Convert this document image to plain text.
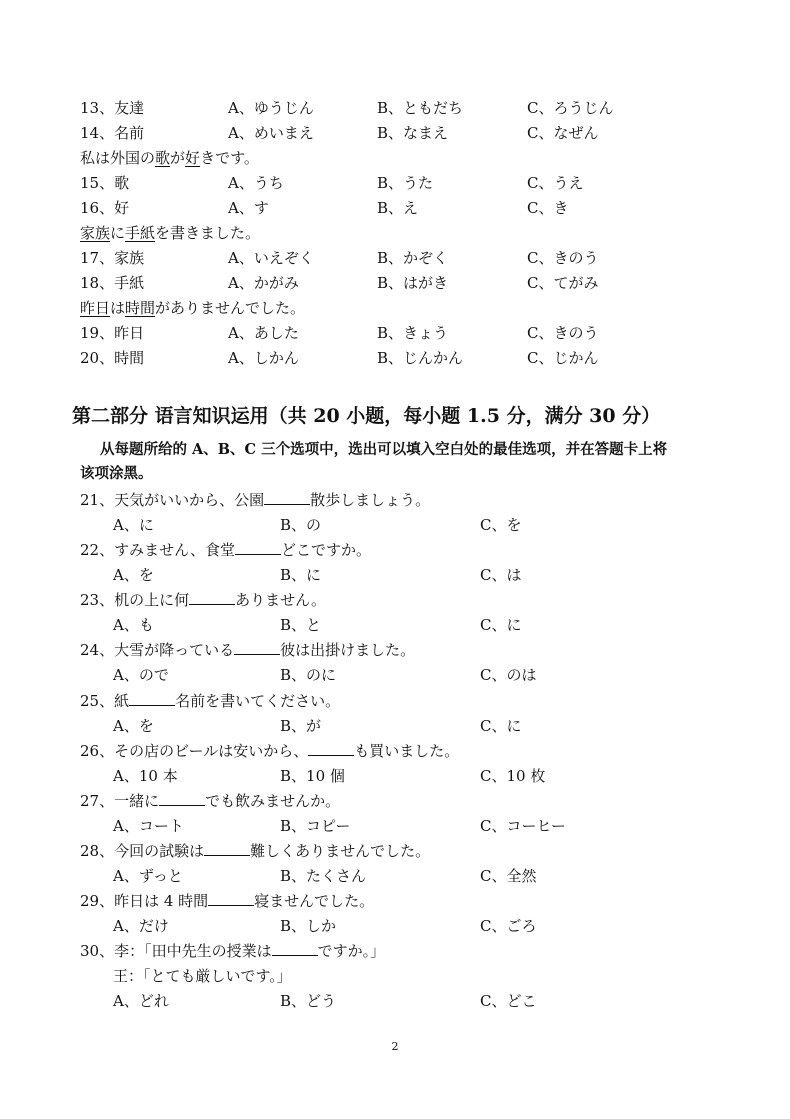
13、友達	A、ゆうじん	B、ともだち	C、ろうじん
14、名前	A、めいまえ	B、なまえ	C、なぜん
私は外国の歌が好きです。
15、歌	A、うち	B、うた	C、うえ
16、好	A、す	B、え	C、き
家族に手紙を書きました。
17、家族	A、いえぞく	B、かぞく	C、きのう
18、手紙	A、かがみ	B、はがき	C、てがみ
昨日は時間がありませんでした。
19、昨日	A、あした	B、きょう	C、きのう
20、時間	A、しかん	B、じんかん	C、じかん
第二部分 语言知识运用（共 20 小题，每小题 1.5 分，满分 30 分）
从每题所给的 A、B、C 三个选项中，选出可以填入空白处的最佳选项，并在答题卡上将
该项涂黑。
21、天気がいいから、公園	散歩しましょう。
A、に	B、の	C、を
22、すみません、食堂	どこですか。
A、を	B、に	C、は
23、机の上に何	ありません。
A、も	B、と	C、に
24、大雪が降っている	彼は出掛けました。
A、ので	B、のに	C、のは
25、紙	名前を書いてください。
A、を	B、が	C、に
26、その店のビールは安いから、	も買いました。
A、10 本	B、10 個	C、10 枚
27、一緒に	でも飲みませんか。
A、コート	B、コピー	C、コーヒー
28、今回の試験は	難しくありませんでした。
A、ずっと	B、たくさん	C、全然
29、昨日は 4 時間	寝ませんでした。
A、だけ	B、しか	C、ごろ
30、李：「田中先生の授業は	ですか。」
王：「とても厳しいです。」
A、どれ	B、どう	C、どこ
2
